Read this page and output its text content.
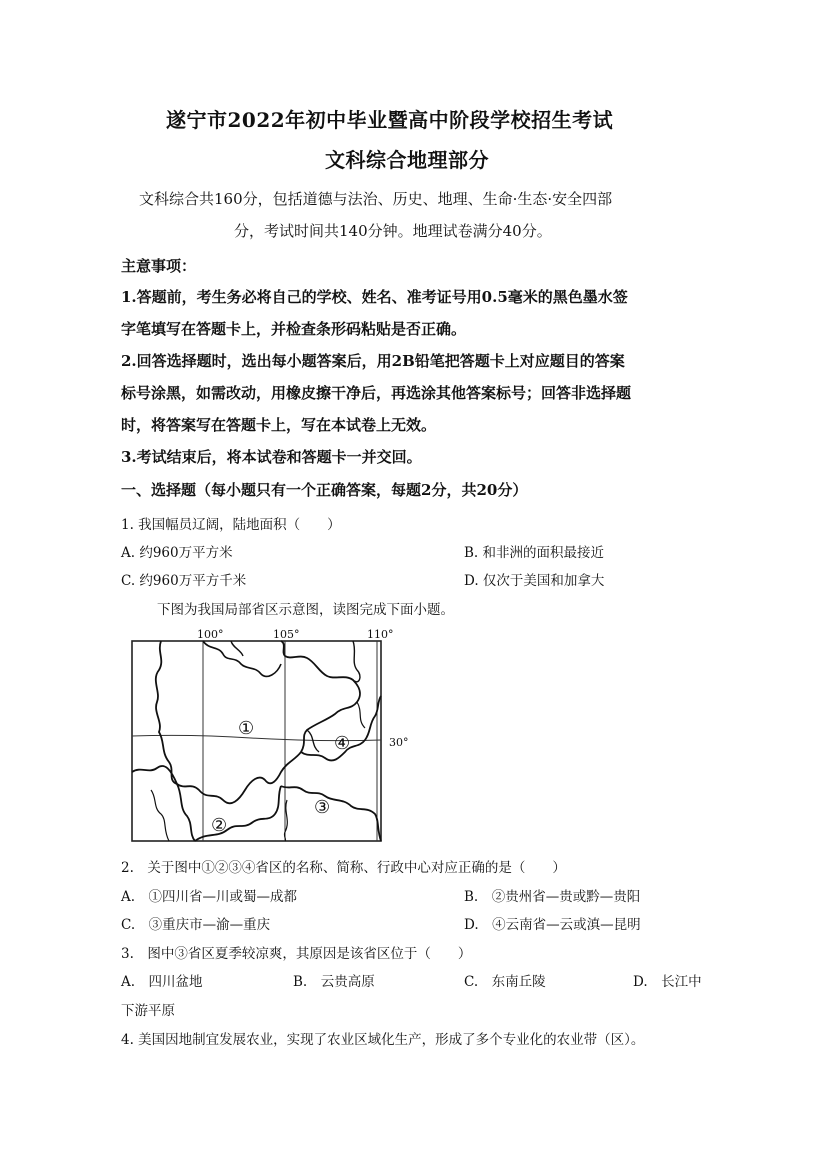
遂宁市2022年初中毕业暨高中阶段学校招生考试
文科综合地理部分
文科综合共160分，包括道德与法治、历史、地理、生命·生态·安全四部
分，考试时间共140分钟。地理试卷满分40分。
主意事项：
1.答题前，考生务必将自己的学校、姓名、准考证号用0.5毫米的黑色墨水签
字笔填写在答题卡上，并检查条形码粘贴是否正确。
2.回答选择题时，选出每小题答案后，用2B铅笔把答题卡上对应题目的答案
标号涂黑，如需改动，用橡皮擦干净后，再选涂其他答案标号；回答非选择题
时，将答案写在答题卡上，写在本试卷上无效。
3.考试结束后，将本试卷和答题卡一并交回。
一、选择题（每小题只有一个正确答案，每题2分，共20分）
1. 我国幅员辽阔，陆地面积（　　）
A. 约960万平方米	B. 和非洲的面积最接近
C. 约960万平方千米	D. 仅次于美国和加拿大
下图为我国局部省区示意图，读图完成下面小题。
100°	105°	110°
30°
①
②
③
④
2.　关于图中①②③④省区的名称、简称、行政中心对应正确的是（　　）
A.　①四川省—川或蜀—成都	B.　②贵州省—贵或黔—贵阳
C.　③重庆市—渝—重庆	D.　④云南省—云或滇—昆明
3.　图中③省区夏季较凉爽，其原因是该省区位于（　　）
A.　四川盆地	B.　云贵高原	C.　东南丘陵	D.　长江中
下游平原
4. 美国因地制宜发展农业，实现了农业区域化生产，形成了多个专业化的农业带（区）。
